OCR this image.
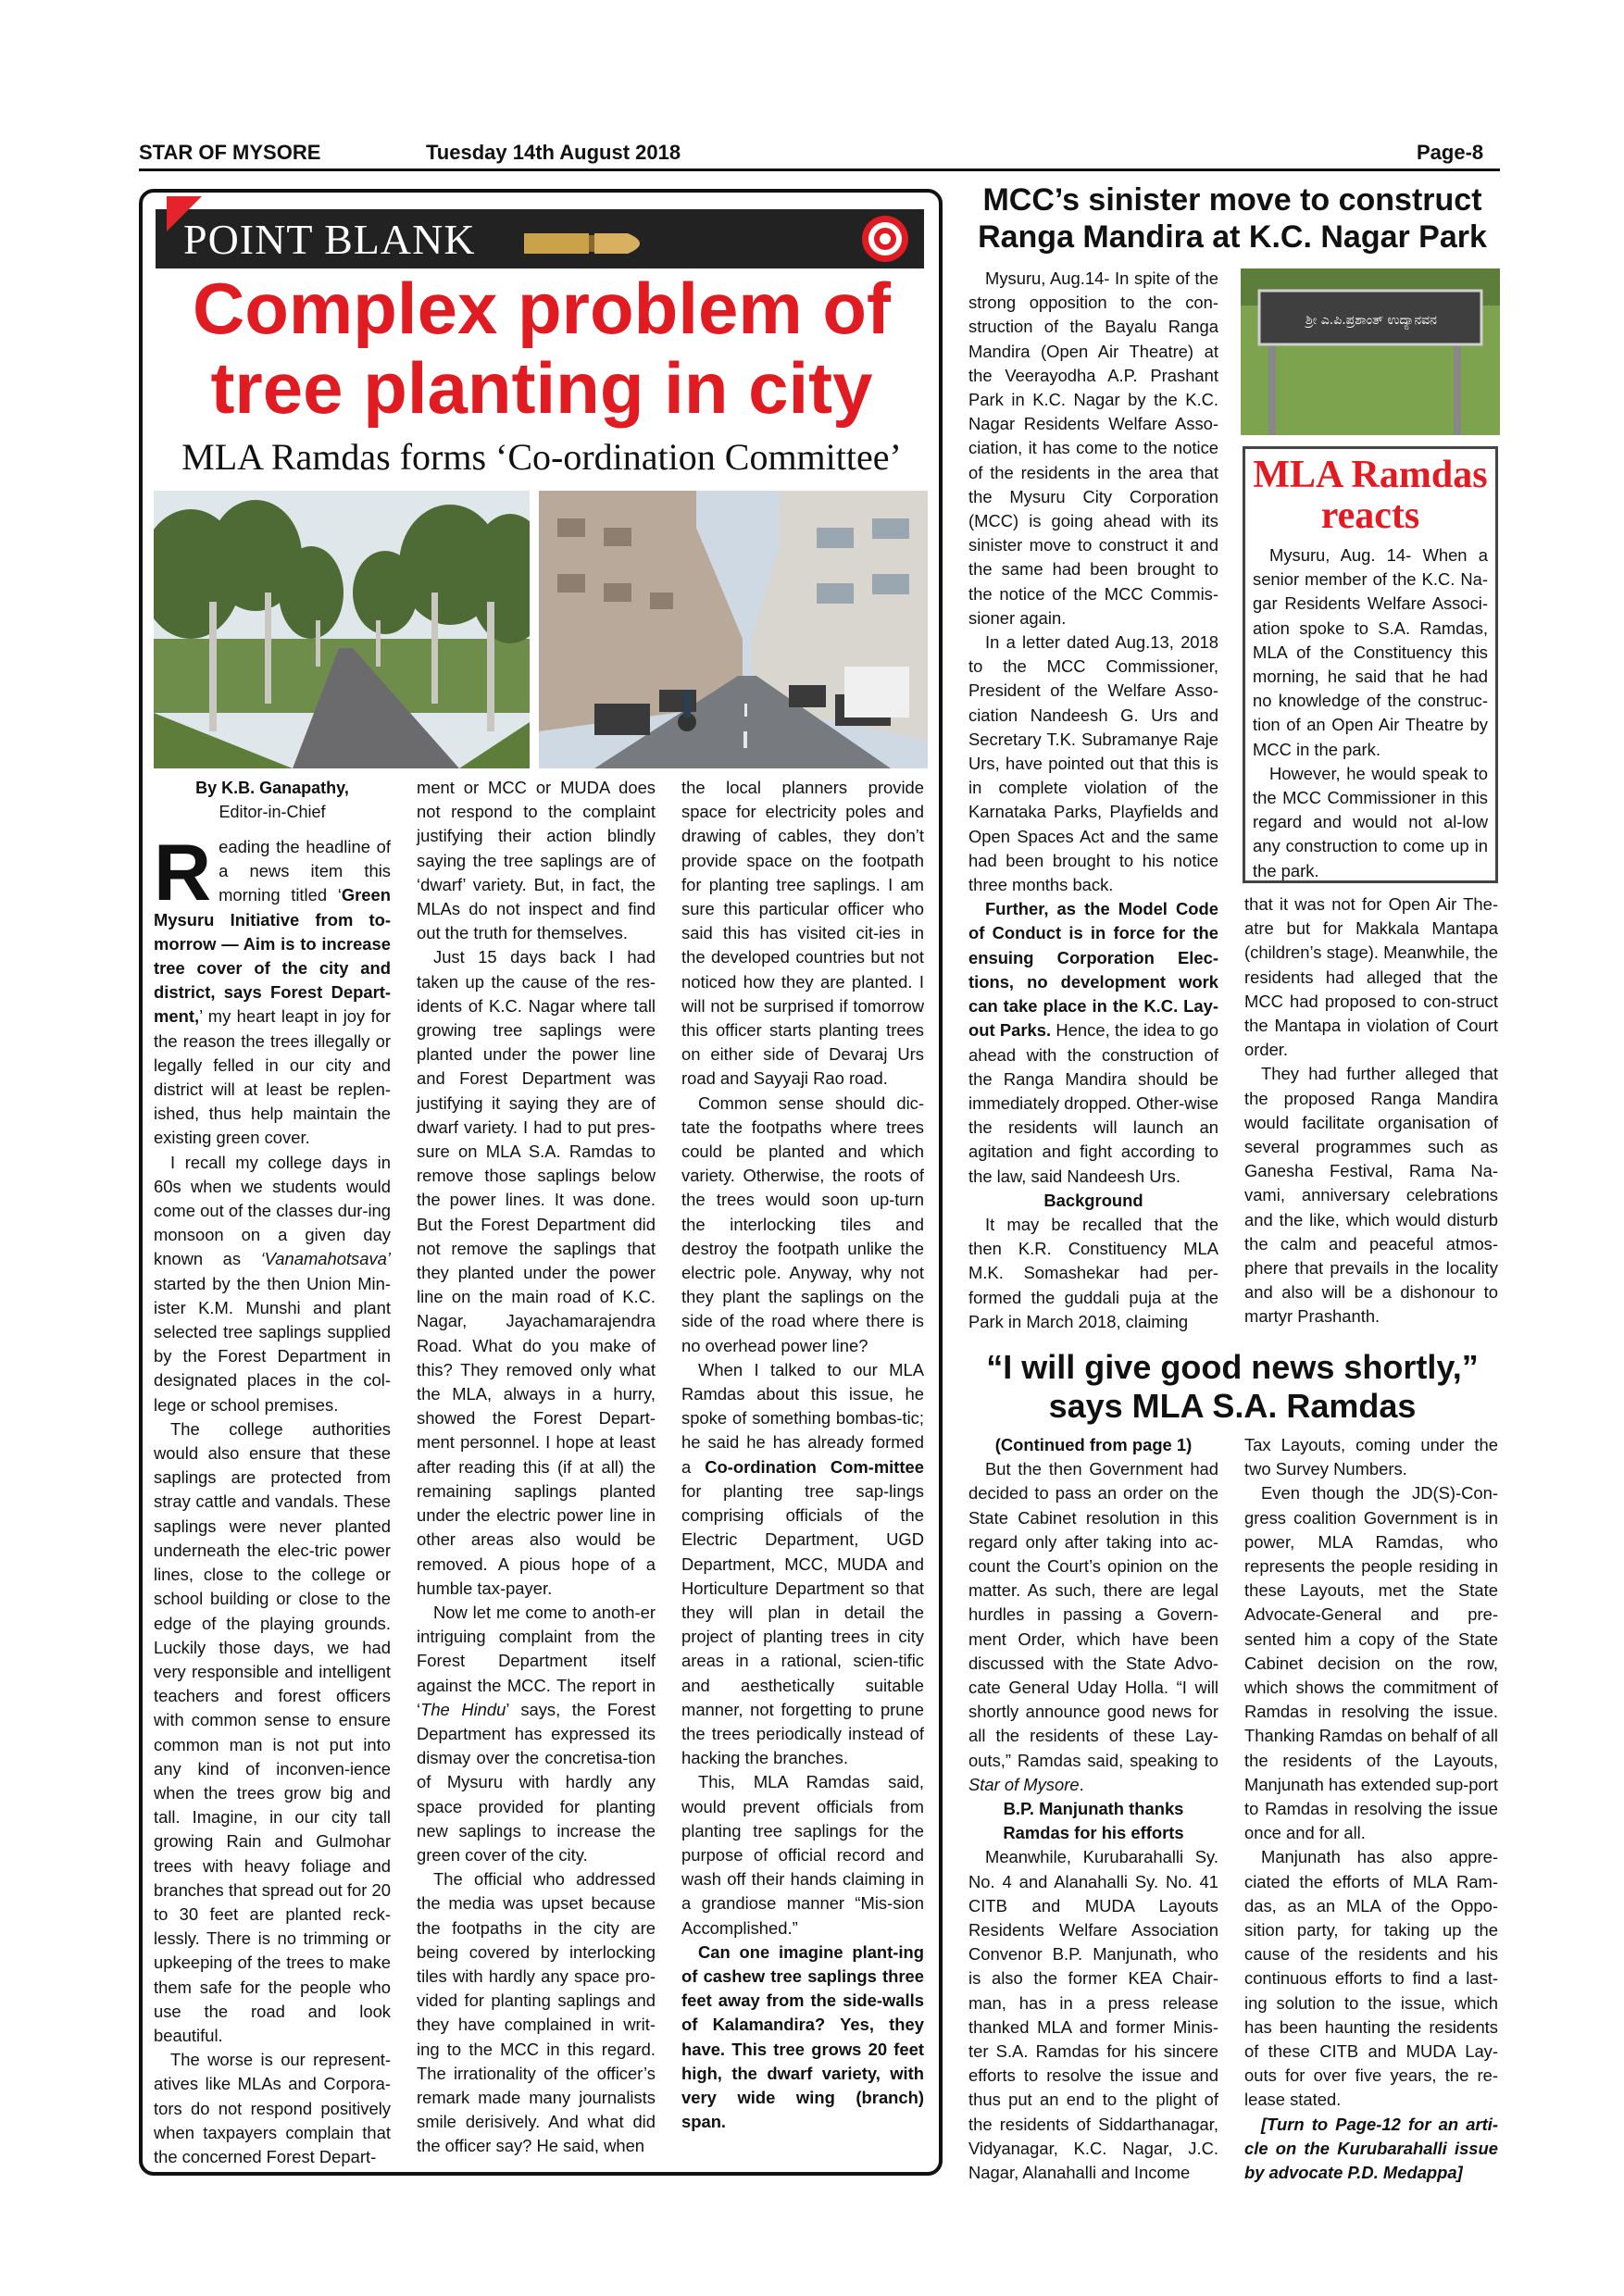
STAR OF MYSORE	Tuesday 14th August 2018	Page-8
POINT BLANK
Complex problem of
tree planting in city
MLA Ramdas forms ‘Co-ordination Committee’
By K.B. Ganapathy,
Editor-in-Chief

Reading the headline of a news item this morning titled ‘Green Mysuru Initiative from to-morrow — Aim is to increase tree cover of the city and district, says Forest Depart-ment,’ my heart leapt in joy for the reason the trees illegally or legally felled in our city and district will at least be replen-ished, thus help maintain the existing green cover.

I recall my college days in 60s when we students would come out of the classes dur-ing monsoon on a given day known as ‘Vanamahotsava’ started by the then Union Min-ister K.M. Munshi and plant selected tree saplings supplied by the Forest Department in designated places in the col-lege or school premises.

The college authorities would also ensure that these saplings are protected from stray cattle and vandals. These saplings were never planted underneath the elec-tric power lines, close to the college or school building or close to the edge of the playing grounds. Luckily those days, we had very responsible and intelligent teachers and forest officers with common sense to ensure common man is not put into any kind of inconven-ience when the trees grow big and tall. Imagine, in our city tall growing Rain and Gulmohar trees with heavy foliage and branches that spread out for 20 to 30 feet are planted reck-lessly. There is no trimming or upkeeping of the trees to make them safe for the people who use the road and look beautiful.

The worse is our represent-atives like MLAs and Corpora-tors do not respond positively when taxpayers complain that the concerned Forest Depart-

ment or MCC or MUDA does not respond to the complaint justifying their action blindly saying the tree saplings are of ‘dwarf’ variety. But, in fact, the MLAs do not inspect and find out the truth for themselves.

Just 15 days back I had taken up the cause of the res-idents of K.C. Nagar where tall growing tree saplings were planted under the power line and Forest Department was justifying it saying they are of dwarf variety. I had to put pres-sure on MLA S.A. Ramdas to remove those saplings below the power lines. It was done. But the Forest Department did not remove the saplings that they planted under the power line on the main road of K.C. Nagar, Jayachamarajendra Road. What do you make of this? They removed only what the MLA, always in a hurry, showed the Forest Depart-ment personnel. I hope at least after reading this (if at all) the remaining saplings planted under the electric power line in other areas also would be removed. A pious hope of a humble tax-payer.

Now let me come to anoth-er intriguing complaint from the Forest Department itself against the MCC. The report in ‘The Hindu’ says, the Forest Department has expressed its dismay over the concretisa-tion of Mysuru with hardly any space provided for planting new saplings to increase the green cover of the city.

The official who addressed the media was upset because the footpaths in the city are being covered by interlocking tiles with hardly any space pro-vided for planting saplings and they have complained in writ-ing to the MCC in this regard. The irrationality of the officer’s remark made many journalists smile derisively. And what did the officer say? He said, when

the local planners provide space for electricity poles and drawing of cables, they don’t provide space on the footpath for planting tree saplings. I am sure this particular officer who said this has visited cit-ies in the developed countries but not noticed how they are planted. I will not be surprised if tomorrow this officer starts planting trees on either side of Devaraj Urs road and Sayyaji Rao road.

Common sense should dic-tate the footpaths where trees could be planted and which variety. Otherwise, the roots of the trees would soon up-turn the interlocking tiles and destroy the footpath unlike the electric pole. Anyway, why not they plant the saplings on the side of the road where there is no overhead power line?

When I talked to our MLA Ramdas about this issue, he spoke of something bombas-tic; he said he has already formed a Co-ordination Com-mittee for planting tree sap-lings comprising officials of the Electric Department, UGD Department, MCC, MUDA and Horticulture Department so that they will plan in detail the project of planting trees in city areas in a rational, scien-tific and aesthetically suitable manner, not forgetting to prune the trees periodically instead of hacking the branches.

This, MLA Ramdas said, would prevent officials from planting tree saplings for the purpose of official record and wash off their hands claiming in a grandiose manner “Mis-sion Accomplished.”

Can one imagine plant-ing of cashew tree saplings three feet away from the side-walls of Kalamandira? Yes, they have. This tree grows 20 feet high, the dwarf variety, with very wide wing (branch) span.

MCC’s sinister move to construct
Ranga Mandira at K.C. Nagar Park
ಶ್ರೀ ಎ.ಪಿ.ಪ್ರಶಾಂತ್ ಉದ್ಯಾನವನ

Mysuru, Aug.14- In spite of the strong opposition to the con-struction of the Bayalu Ranga Mandira (Open Air Theatre) at the Veerayodha A.P. Prashant Park in K.C. Nagar by the K.C. Nagar Residents Welfare Asso-ciation, it has come to the notice of the residents in the area that the Mysuru City Corporation (MCC) is going ahead with its sinister move to construct it and the same had been brought to the notice of the MCC Commis-sioner again.

In a letter dated Aug.13, 2018 to the MCC Commissioner, President of the Welfare Asso-ciation Nandeesh G. Urs and Secretary T.K. Subramanye Raje Urs, have pointed out that this is in complete violation of the Karnataka Parks, Playfields and Open Spaces Act and the same had been brought to his notice three months back.

Further, as the Model Code of Conduct is in force for the ensuing Corporation Elec-tions, no development work can take place in the K.C. Lay-out Parks. Hence, the idea to go ahead with the construction of the Ranga Mandira should be immediately dropped. Other-wise the residents will launch an agitation and fight according to the law, said Nandeesh Urs.

Background

It may be recalled that the then K.R. Constituency MLA M.K. Somashekar had per-formed the guddali puja at the Park in March 2018, claiming

MLA Ramdas
reacts

Mysuru, Aug. 14- When a senior member of the K.C. Na-gar Residents Welfare Associ-ation spoke to S.A. Ramdas, MLA of the Constituency this morning, he said that he had no knowledge of the construc-tion of an Open Air Theatre by MCC in the park.

However, he would speak to the MCC Commissioner in this regard and would not al-low any construction to come up in the park.

that it was not for Open Air The-atre but for Makkala Mantapa (children’s stage). Meanwhile, the residents had alleged that the MCC had proposed to con-struct the Mantapa in violation of Court order.

They had further alleged that the proposed Ranga Mandira would facilitate organisation of several programmes such as Ganesha Festival, Rama Na-vami, anniversary celebrations and the like, which would disturb the calm and peaceful atmos-phere that prevails in the locality and also will be a dishonour to martyr Prashanth.

“I will give good news shortly,”
says MLA S.A. Ramdas

(Continued from page 1)

But the then Government had decided to pass an order on the State Cabinet resolution in this regard only after taking into ac-count the Court’s opinion on the matter. As such, there are legal hurdles in passing a Govern-ment Order, which have been discussed with the State Advo-cate General Uday Holla. “I will shortly announce good news for all the residents of these Lay-outs,” Ramdas said, speaking to Star of Mysore.

B.P. Manjunath thanks

Ramdas for his efforts

Meanwhile, Kurubarahalli Sy. No. 4 and Alanahalli Sy. No. 41 CITB and MUDA Layouts Residents Welfare Association Convenor B.P. Manjunath, who is also the former KEA Chair-man, has in a press release thanked MLA and former Minis-ter S.A. Ramdas for his sincere efforts to resolve the issue and thus put an end to the plight of the residents of Siddarthanagar, Vidyanagar, K.C. Nagar, J.C. Nagar, Alanahalli and Income

Tax Layouts, coming under the two Survey Numbers.

Even though the JD(S)-Con-gress coalition Government is in power, MLA Ramdas, who represents the people residing in these Layouts, met the State Advocate-General and pre-sented him a copy of the State Cabinet decision on the row, which shows the commitment of Ramdas in resolving the issue. Thanking Ramdas on behalf of all the residents of the Layouts, Manjunath has extended sup-port to Ramdas in resolving the issue once and for all.

Manjunath has also appre-ciated the efforts of MLA Ram-das, as an MLA of the Oppo-sition party, for taking up the cause of the residents and his continuous efforts to find a last-ing solution to the issue, which has been haunting the residents of these CITB and MUDA Lay-outs for over five years, the re-lease stated.

[Turn to Page-12 for an arti-cle on the Kurubarahalli issue by advocate P.D. Medappa]
